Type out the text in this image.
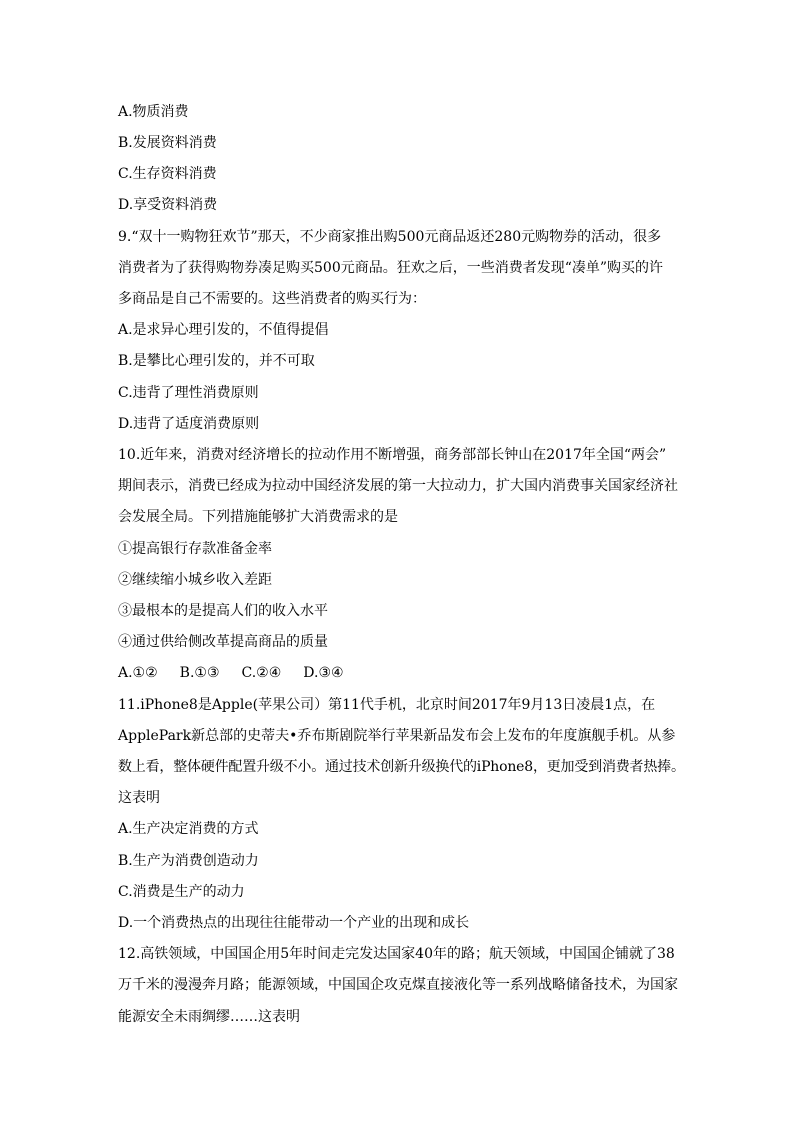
A.物质消费
B.发展资料消费
C.生存资料消费
D.享受资料消费
9.“双十一购物狂欢节”那天，不少商家推出购500元商品返还280元购物券的活动，很多
消费者为了获得购物券凑足购买500元商品。狂欢之后，一些消费者发现“凑单”购买的许
多商品是自己不需要的。这些消费者的购买行为：
A.是求异心理引发的，不值得提倡
B.是攀比心理引发的，并不可取
C.违背了理性消费原则
D.违背了适度消费原则
10.近年来，消费对经济增长的拉动作用不断增强，商务部部长钟山在2017年全国“两会”
期间表示，消费已经成为拉动中国经济发展的第一大拉动力，扩大国内消费事关国家经济社
会发展全局。下列措施能够扩大消费需求的是
①提高银行存款准备金率
②继续缩小城乡收入差距
③最根本的是提高人们的收入水平
④通过供给侧改革提高商品的质量
A.①② B.①③ C.②④ D.③④
11.iPhone8是Apple(苹果公司）第11代手机，北京时间2017年9月13日凌晨1点，在
ApplePark新总部的史蒂夫•乔布斯剧院举行苹果新品发布会上发布的年度旗舰手机。从参
数上看，整体硬件配置升级不小。通过技术创新升级换代的iPhone8，更加受到消费者热捧。
这表明
A.生产决定消费的方式
B.生产为消费创造动力
C.消费是生产的动力
D.一个消费热点的出现往往能带动一个产业的出现和成长
12.高铁领域，中国国企用5年时间走完发达国家40年的路；航天领域，中国国企铺就了38
万千米的漫漫奔月路；能源领域，中国国企攻克煤直接液化等一系列战略储备技术，为国家
能源安全未雨绸缪……这表明
